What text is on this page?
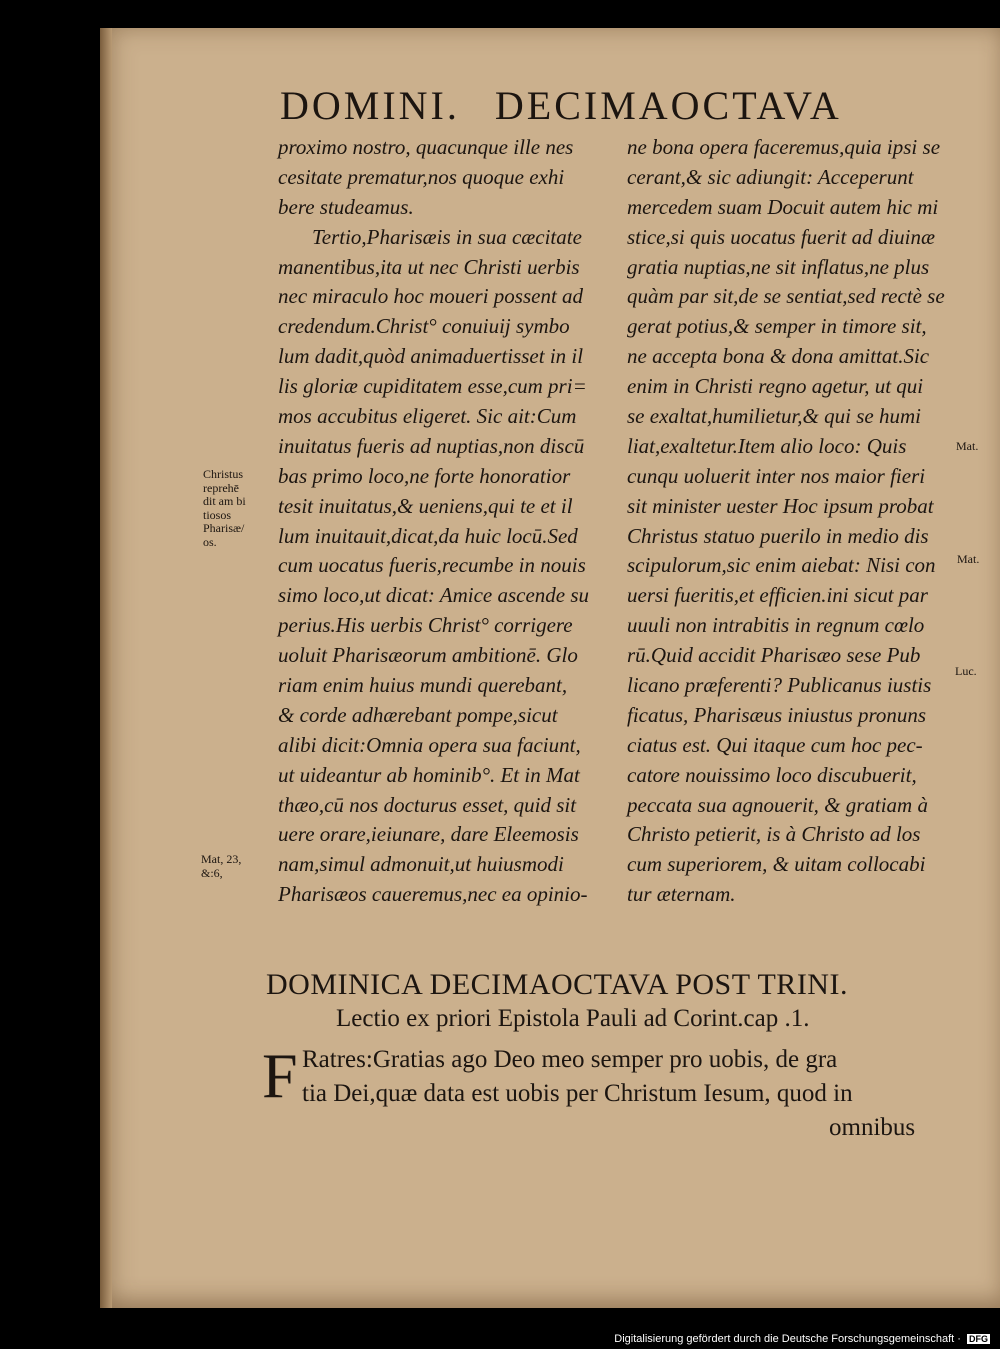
DOMINI. DECIMAOCTAVA
proximo nostro, quacunque ille nes
cesitate prematur,nos quoque exhi
bere studeamus.
Tertio,Pharisæis in sua cæcitate
manentibus,ita ut nec Christi uerbis
nec miraculo hoc moueri possent ad
credendum.Christ° conuiuij symbo
lum dadit,quòd animaduertisset in il
lis gloriæ cupiditatem esse,cum pri=
mos accubitus eligeret. Sic ait:Cum
inuitatus fueris ad nuptias,non discū
bas primo loco,ne forte honoratior
tesit inuitatus,& ueniens,qui te et il
lum inuitauit,dicat,da huic locū.Sed
cum uocatus fueris,recumbe in nouis
simo loco,ut dicat: Amice ascende su
perius.His uerbis Christ° corrigere
uoluit Pharisæorum ambitionē. Glo
riam enim huius mundi querebant,
& corde adhærebant pompe,sicut
alibi dicit:Omnia opera sua faciunt,
ut uideantur ab hominib°. Et in Mat
thæo,cū nos docturus esset, quid sit
uere orare,ieiunare, dare Eleemosis
nam,simul admonuit,ut huiusmodi
Pharisæos caueremus,nec ea opinio-
ne bona opera faceremus,quia ipsi se
cerant,& sic adiungit: Acceperunt
mercedem suam Docuit autem hic mi
stice,si quis uocatus fuerit ad diuinæ
gratia nuptias,ne sit inflatus,ne plus
quàm par sit,de se sentiat,sed rectè se
gerat potius,& semper in timore sit,
ne accepta bona & dona amittat.Sic
enim in Christi regno agetur, ut qui
se exaltat,humilietur,& qui se humi
liat,exaltetur.Item alio loco: Quis
cunqu uoluerit inter nos maior fieri
sit minister uester Hoc ipsum probat
Christus statuo puerilo in medio dis
scipulorum,sic enim aiebat: Nisi con
uersi fueritis,et efficien.ini sicut par
uuuli non intrabitis in regnum cœlo
rū.Quid accidit Pharisæo sese Pub
licano præferenti? Publicanus iustis
ficatus, Pharisæus iniustus pronuns
ciatus est. Qui itaque cum hoc pec-
catore nouissimo loco discubuerit,
peccata sua agnouerit, & gratiam à
Christo petierit, is à Christo ad los
cum superiorem, & uitam collocabi
tur æternam.
Christus
reprehē
dit am bi
tiosos
Pharisæ/
os.
Mat, 23,
&:6,
Mat.
Mat.
Luc.
DOMINICA DECIMAOCTAVA POST TRINI.
Lectio ex priori Epistola Pauli ad Corint.cap .1.
F Ratres:Gratias ago Deo meo semper pro uobis, de gra
tia Dei,quæ data est uobis per Christum Iesum, quod in
omnibus
Digitalisierung gefördert durch die Deutsche Forschungsgemeinschaft · DFG
